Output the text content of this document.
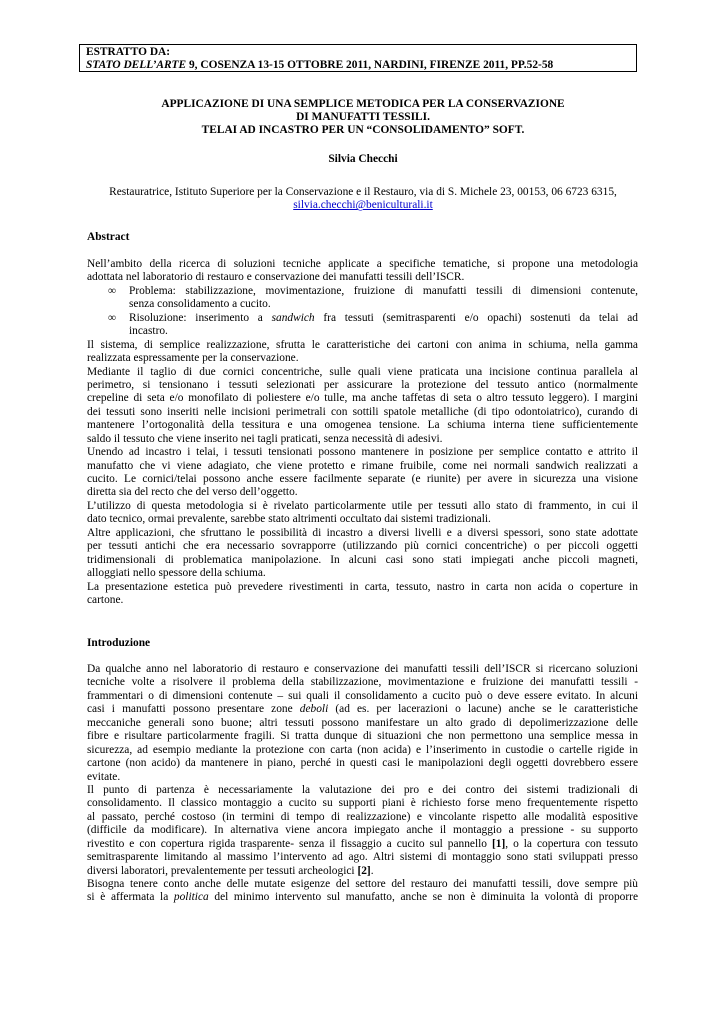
ESTRATTO DA:
STATO DELL’ARTE 9, COSENZA 13-15 OTTOBRE 2011, NARDINI, FIRENZE 2011, PP.52-58
APPLICAZIONE DI UNA SEMPLICE METODICA PER LA CONSERVAZIONE
DI MANUFATTI TESSILI.
TELAI AD INCASTRO PER UN “CONSOLIDAMENTO” SOFT.
Silvia Checchi
Restauratrice, Istituto Superiore per la Conservazione e il Restauro, via di S. Michele 23, 00153, 06 6723 6315,
silvia.checchi@beniculturali.it
Abstract
Nell’ambito della ricerca di soluzioni tecniche applicate a specifiche tematiche, si propone una metodologia
adottata nel laboratorio di restauro e conservazione dei manufatti tessili dell’ISCR.
∞ Problema: stabilizzazione, movimentazione, fruizione di manufatti tessili di dimensioni contenute,
senza consolidamento a cucito.
∞ Risoluzione: inserimento a sandwich fra tessuti (semitrasparenti e/o opachi) sostenuti da telai ad
incastro.
Il sistema, di semplice realizzazione, sfrutta le caratteristiche dei cartoni con anima in schiuma, nella gamma
realizzata espressamente per la conservazione.
Mediante il taglio di due cornici concentriche, sulle quali viene praticata una incisione continua parallela al
perimetro, si tensionano i tessuti selezionati per assicurare la protezione del tessuto antico (normalmente
crepeline di seta e/o monofilato di poliestere e/o tulle, ma anche taffetas di seta o altro tessuto leggero). I margini
dei tessuti sono inseriti nelle incisioni perimetrali con sottili spatole metalliche (di tipo odontoiatrico), curando di
mantenere l’ortogonalità della tessitura e una omogenea tensione. La schiuma interna tiene sufficientemente
saldo il tessuto che viene inserito nei tagli praticati, senza necessità di adesivi.
Unendo ad incastro i telai, i tessuti tensionati possono mantenere in posizione per semplice contatto e attrito il
manufatto che vi viene adagiato, che viene protetto e rimane fruibile, come nei normali sandwich realizzati a
cucito. Le cornici/telai possono anche essere facilmente separate (e riunite) per avere in sicurezza una visione
diretta sia del recto che del verso dell’oggetto.
L’utilizzo di questa metodologia si è rivelato particolarmente utile per tessuti allo stato di frammento, in cui il
dato tecnico, ormai prevalente, sarebbe stato altrimenti occultato dai sistemi tradizionali.
Altre applicazioni, che sfruttano le possibilità di incastro a diversi livelli e a diversi spessori, sono state adottate
per tessuti antichi che era necessario sovrapporre (utilizzando più cornici concentriche) o per piccoli oggetti
tridimensionali di problematica manipolazione. In alcuni casi sono stati impiegati anche piccoli magneti,
alloggiati nello spessore della schiuma.
La presentazione estetica può prevedere rivestimenti in carta, tessuto, nastro in carta non acida o coperture in
cartone.
Introduzione
Da qualche anno nel laboratorio di restauro e conservazione dei manufatti tessili dell’ISCR si ricercano soluzioni
tecniche volte a risolvere il problema della stabilizzazione, movimentazione e fruizione dei manufatti tessili -
frammentari o di dimensioni contenute – sui quali il consolidamento a cucito può o deve essere evitato. In alcuni
casi i manufatti possono presentare zone deboli (ad es. per lacerazioni o lacune) anche se le caratteristiche
meccaniche generali sono buone; altri tessuti possono manifestare un alto grado di depolimerizzazione delle
fibre e risultare particolarmente fragili. Si tratta dunque di situazioni che non permettono una semplice messa in
sicurezza, ad esempio mediante la protezione con carta (non acida) e l’inserimento in custodie o cartelle rigide in
cartone (non acido) da mantenere in piano, perché in questi casi le manipolazioni degli oggetti dovrebbero essere
evitate.
Il punto di partenza è necessariamente la valutazione dei pro e dei contro dei sistemi tradizionali di
consolidamento. Il classico montaggio a cucito su supporti piani è richiesto forse meno frequentemente rispetto
al passato, perché costoso (in termini di tempo di realizzazione) e vincolante rispetto alle modalità espositive
(difficile da modificare). In alternativa viene ancora impiegato anche il montaggio a pressione - su supporto
rivestito e con copertura rigida trasparente- senza il fissaggio a cucito sul pannello [1], o la copertura con tessuto
semitrasparente limitando al massimo l’intervento ad ago. Altri sistemi di montaggio sono stati sviluppati presso
diversi laboratori, prevalentemente per tessuti archeologici [2].
Bisogna tenere conto anche delle mutate esigenze del settore del restauro dei manufatti tessili, dove sempre più
si è affermata la politica del minimo intervento sul manufatto, anche se non è diminuita la volontà di proporre
